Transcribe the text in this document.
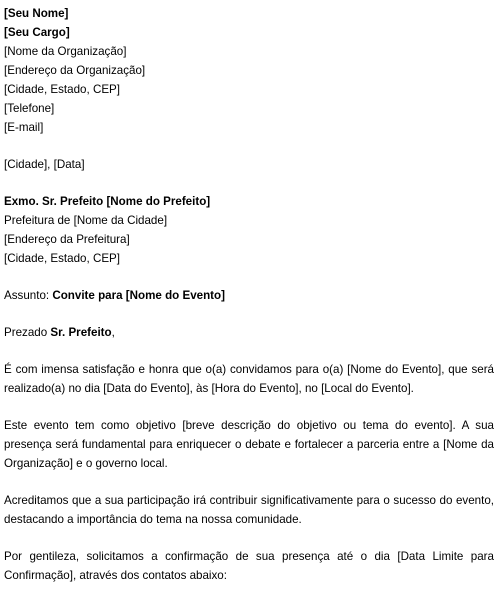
[Seu Nome]
[Seu Cargo]
[Nome da Organização]
[Endereço da Organização]
[Cidade, Estado, CEP]
[Telefone]
[E-mail]
[Cidade], [Data]
Exmo. Sr. Prefeito [Nome do Prefeito]
Prefeitura de [Nome da Cidade]
[Endereço da Prefeitura]
[Cidade, Estado, CEP]
Assunto: Convite para [Nome do Evento]
Prezado Sr. Prefeito,

É com imensa satisfação e honra que o(a) convidamos para o(a) [Nome do Evento], que será realizado(a) no dia [Data do Evento], às [Hora do Evento], no [Local do Evento].

Este evento tem como objetivo [breve descrição do objetivo ou tema do evento]. A sua presença será fundamental para enriquecer o debate e fortalecer a parceria entre a [Nome da Organização] e o governo local.

Acreditamos que a sua participação irá contribuir significativamente para o sucesso do evento, destacando a importância do tema na nossa comunidade.

Por gentileza, solicitamos a confirmação de sua presença até o dia [Data Limite para Confirmação], através dos contatos abaixo:
